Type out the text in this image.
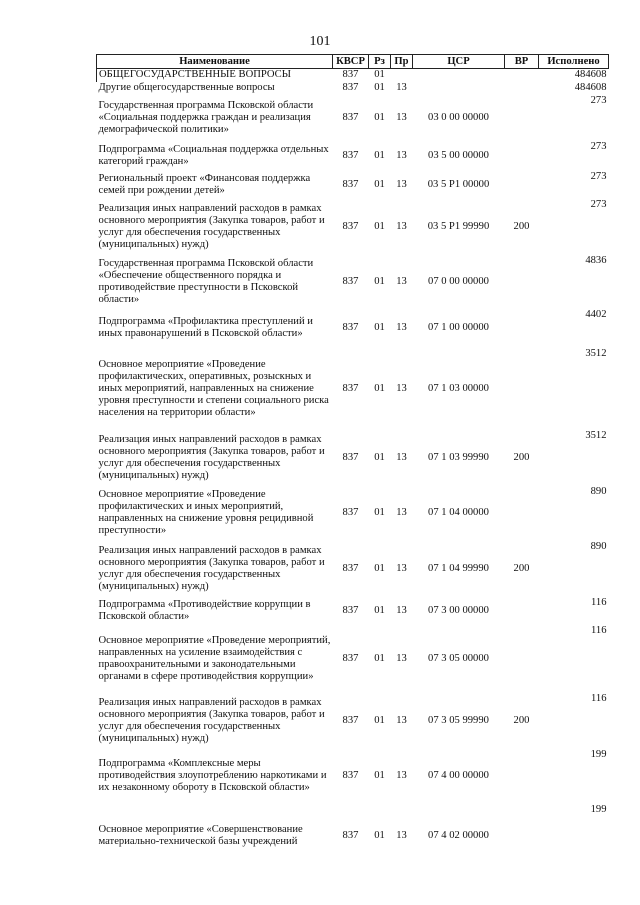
101
Наименование	КВСР	Рз	Пр	ЦСР	ВР	Исполнено
ОБЩЕГОСУДАРСТВЕННЫЕ ВОПРОСЫ	837	01				484608
Другие общегосударственные вопросы	837	01	13			484608
Государственная программа Псковской области «Социальная поддержка граждан и реализация демографической политики»	837	01	13	03 0 00 00000		273
Подпрограмма «Социальная поддержка отдельных категорий граждан»	837	01	13	03 5 00 00000		273
Региональный проект «Финансовая поддержка семей при рождении детей»	837	01	13	03 5 P1 00000		273
Реализация иных направлений расходов в рамках основного мероприятия (Закупка товаров, работ и услуг для обеспечения государственных (муниципальных) нужд)	837	01	13	03 5 P1 99990	200	273
Государственная программа Псковской области «Обеспечение общественного порядка и противодействие преступности в Псковской области»	837	01	13	07 0 00 00000		4836
Подпрограмма «Профилактика преступлений и иных правонарушений в Псковской области»	837	01	13	07 1 00 00000		4402
Основное мероприятие «Проведение профилактических, оперативных, розыскных и иных мероприятий, направленных на снижение уровня преступности и степени социального риска населения на территории области»	837	01	13	07 1 03 00000		3512
Реализация иных направлений расходов в рамках основного мероприятия (Закупка товаров, работ и услуг для обеспечения государственных (муниципальных) нужд)	837	01	13	07 1 03 99990	200	3512
Основное мероприятие «Проведение профилактических и иных мероприятий, направленных на снижение уровня рецидивной преступности»	837	01	13	07 1 04 00000		890
Реализация иных направлений расходов в рамках основного мероприятия (Закупка товаров, работ и услуг для обеспечения государственных (муниципальных) нужд)	837	01	13	07 1 04 99990	200	890
Подпрограмма «Противодействие коррупции в Псковской области»	837	01	13	07 3 00 00000		116
Основное мероприятие «Проведение мероприятий, направленных на усиление взаимодействия с правоохранительными и законодательными органами в сфере противодействия коррупции»	837	01	13	07 3 05 00000		116
Реализация иных направлений расходов в рамках основного мероприятия (Закупка товаров, работ и услуг для обеспечения государственных (муниципальных) нужд)	837	01	13	07 3 05 99990	200	116
Подпрограмма «Комплексные меры противодействия злоупотреблению наркотиками и их незаконному обороту в Псковской области»	837	01	13	07 4 00 00000		199
Основное мероприятие «Совершенствование материально-технической базы учреждений	837	01	13	07 4 02 00000		199
